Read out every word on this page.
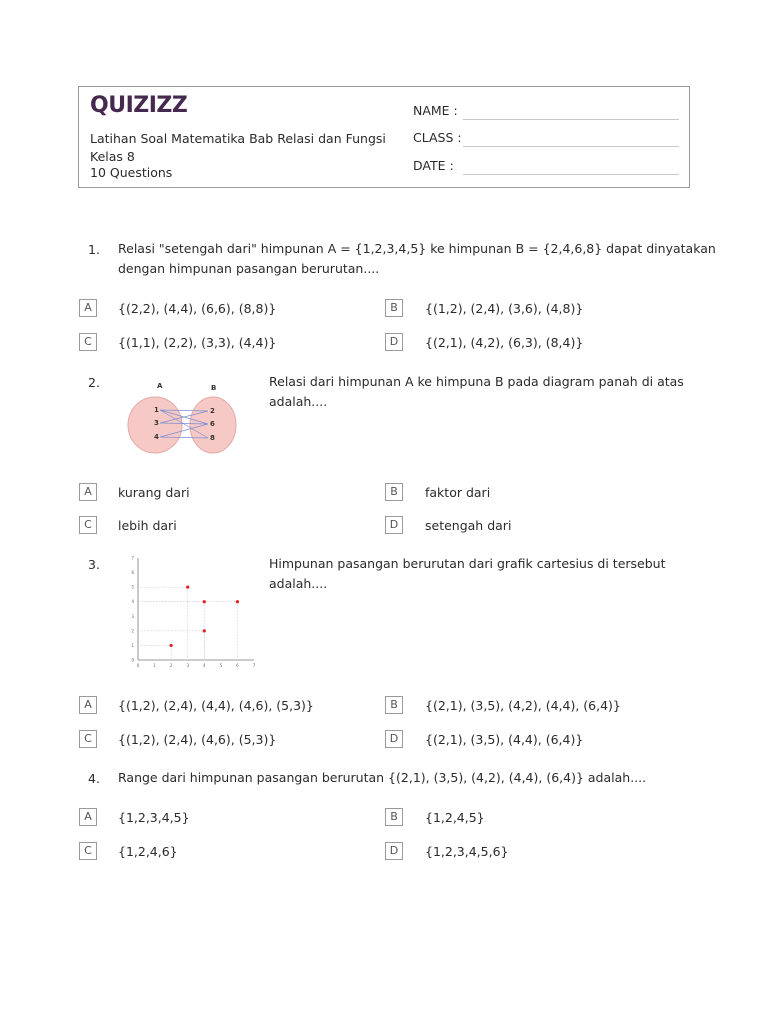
QUIZIZZ
Latihan Soal Matematika Bab Relasi dan Fungsi
Kelas 8
10 Questions
NAME :
CLASS :
DATE :
1. Relasi "setengah dari" himpunan A = {1,2,3,4,5} ke himpunan B = {2,4,6,8} dapat dinyatakan
dengan himpunan pasangan berurutan....
A	{(2,2), (4,4), (6,6), (8,8)}	B	{(1,2), (2,4), (3,6), (4,8)}
C	{(1,1), (2,2), (3,3), (4,4)}	D	{(2,1), (4,2), (6,3), (8,4)}
2.	A	B
1
3
4
2
6
8
Relasi dari himpunan A ke himpuna B pada diagram panah di atas
adalah....
A	kurang dari	B	faktor dari
C	lebih dari	D	setengah dari
3.
0	1	2	3	4	5	6	7
0
1
2
3
4
5
6
7	Himpunan pasangan berurutan dari grafik cartesius di tersebut
adalah....
A	{(1,2), (2,4), (4,4), (4,6), (5,3)}	B	{(2,1), (3,5), (4,2), (4,4), (6,4)}
C	{(1,2), (2,4), (4,6), (5,3)}	D	{(2,1), (3,5), (4,4), (6,4)}
4. Range dari himpunan pasangan berurutan {(2,1), (3,5), (4,2), (4,4), (6,4)} adalah....
A	{1,2,3,4,5}	B	{1,2,4,5}
C	{1,2,4,6}	D	{1,2,3,4,5,6}
